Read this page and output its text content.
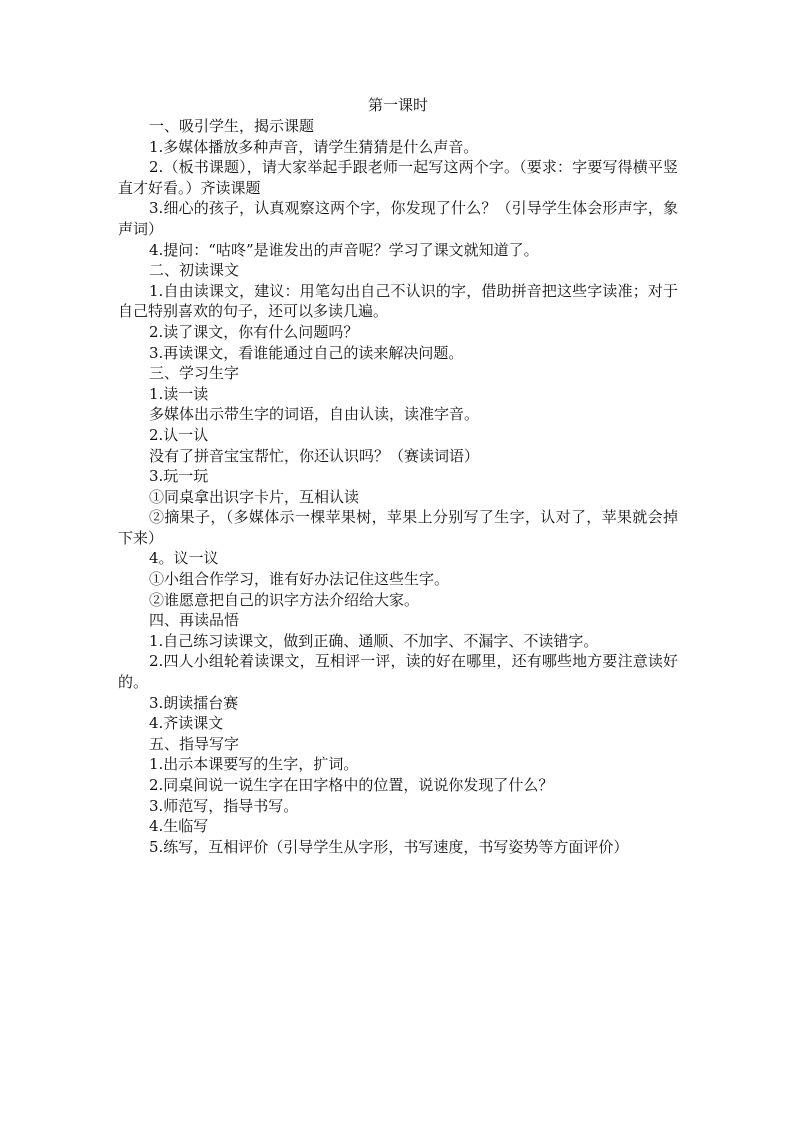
第一课时

一、吸引学生，揭示课题
1.多媒体播放多种声音，请学生猜猜是什么声音。
2.（板书课题），请大家举起手跟老师一起写这两个字。（要求：字要写得横平竖直才好看。）齐读课题
3.细心的孩子，认真观察这两个字，你发现了什么？（引导学生体会形声字，象声词）
4.提问：“咕咚”是谁发出的声音呢？学习了课文就知道了。
二、初读课文
1.自由读课文，建议：用笔勾出自己不认识的字，借助拼音把这些字读准；对于自己特别喜欢的句子，还可以多读几遍。
2.读了课文，你有什么问题吗？
3.再读课文，看谁能通过自己的读来解决问题。
三、学习生字
1.读一读
多媒体出示带生字的词语，自由认读，读准字音。
2.认一认
没有了拼音宝宝帮忙，你还认识吗？（赛读词语）
3.玩一玩
①同桌拿出识字卡片，互相认读
②摘果子，（多媒体示一棵苹果树，苹果上分别写了生字，认对了，苹果就会掉下来）
4。议一议
①小组合作学习，谁有好办法记住这些生字。
②谁愿意把自己的识字方法介绍给大家。
四、再读品悟
1.自己练习读课文，做到正确、通顺、不加字、不漏字、不读错字。
2.四人小组轮着读课文，互相评一评，读的好在哪里，还有哪些地方要注意读好的。
3.朗读擂台赛
4.齐读课文
五、指导写字
1.出示本课要写的生字，扩词。
2.同桌间说一说生字在田字格中的位置，说说你发现了什么？
3.师范写，指导书写。
4.生临写
5.练写，互相评价（引导学生从字形，书写速度，书写姿势等方面评价）
